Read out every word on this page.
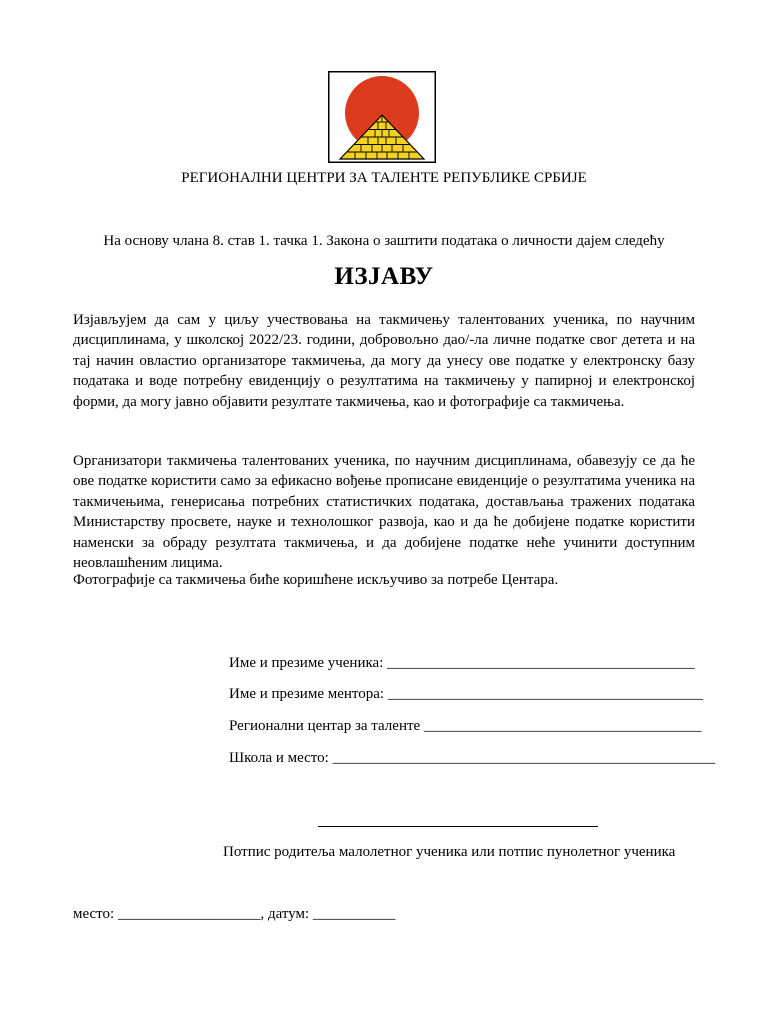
РЕГИОНАЛНИ ЦЕНТРИ ЗА ТАЛЕНТЕ РЕПУБЛИКЕ СРБИЈЕ
На основу члана 8. став 1. тачка 1. Закона о заштити података о личности дајем следећу
ИЗЈАВУ
Изјављујем да сам у циљу учествовања на такмичењу талентованих ученика, по научним дисциплинама, у школској 2022/23. години, добровољно дао/-ла личне податке свог детета и на тај начин овластио организаторе такмичења, да могу да унесу ове податке у електронску базу података и воде потребну евиденцију о резултатима на такмичењу у папирној и електронској форми, да могу јавно објавити резултате такмичења, као и фотографије са такмичења.
Организатори такмичења талентованих ученика, по научним дисциплинама, обавезују се да ће ове податке користити само за ефикасно вођење прописане евиденције о резултатима ученика на такмичењима, генерисања потребних статистичких података, достављања тражених података Министарству просвете, науке и технолошког развоја, као и да ће добијене податке користити наменски за обраду резултата такмичења, и да добијене податке неће учинити доступним неовлашћеним лицима.
Фотографије са такмичења биће коришћене искључиво за потребе Центара.
Име и презиме ученика: _________________________________________
Име и презиме ментора: __________________________________________
Регионални центар за таленте _____________________________________
Школа и место: ___________________________________________________
Потпис родитеља малолетног ученика или потпис пунолетног ученика
место: ___________________, датум: ___________
